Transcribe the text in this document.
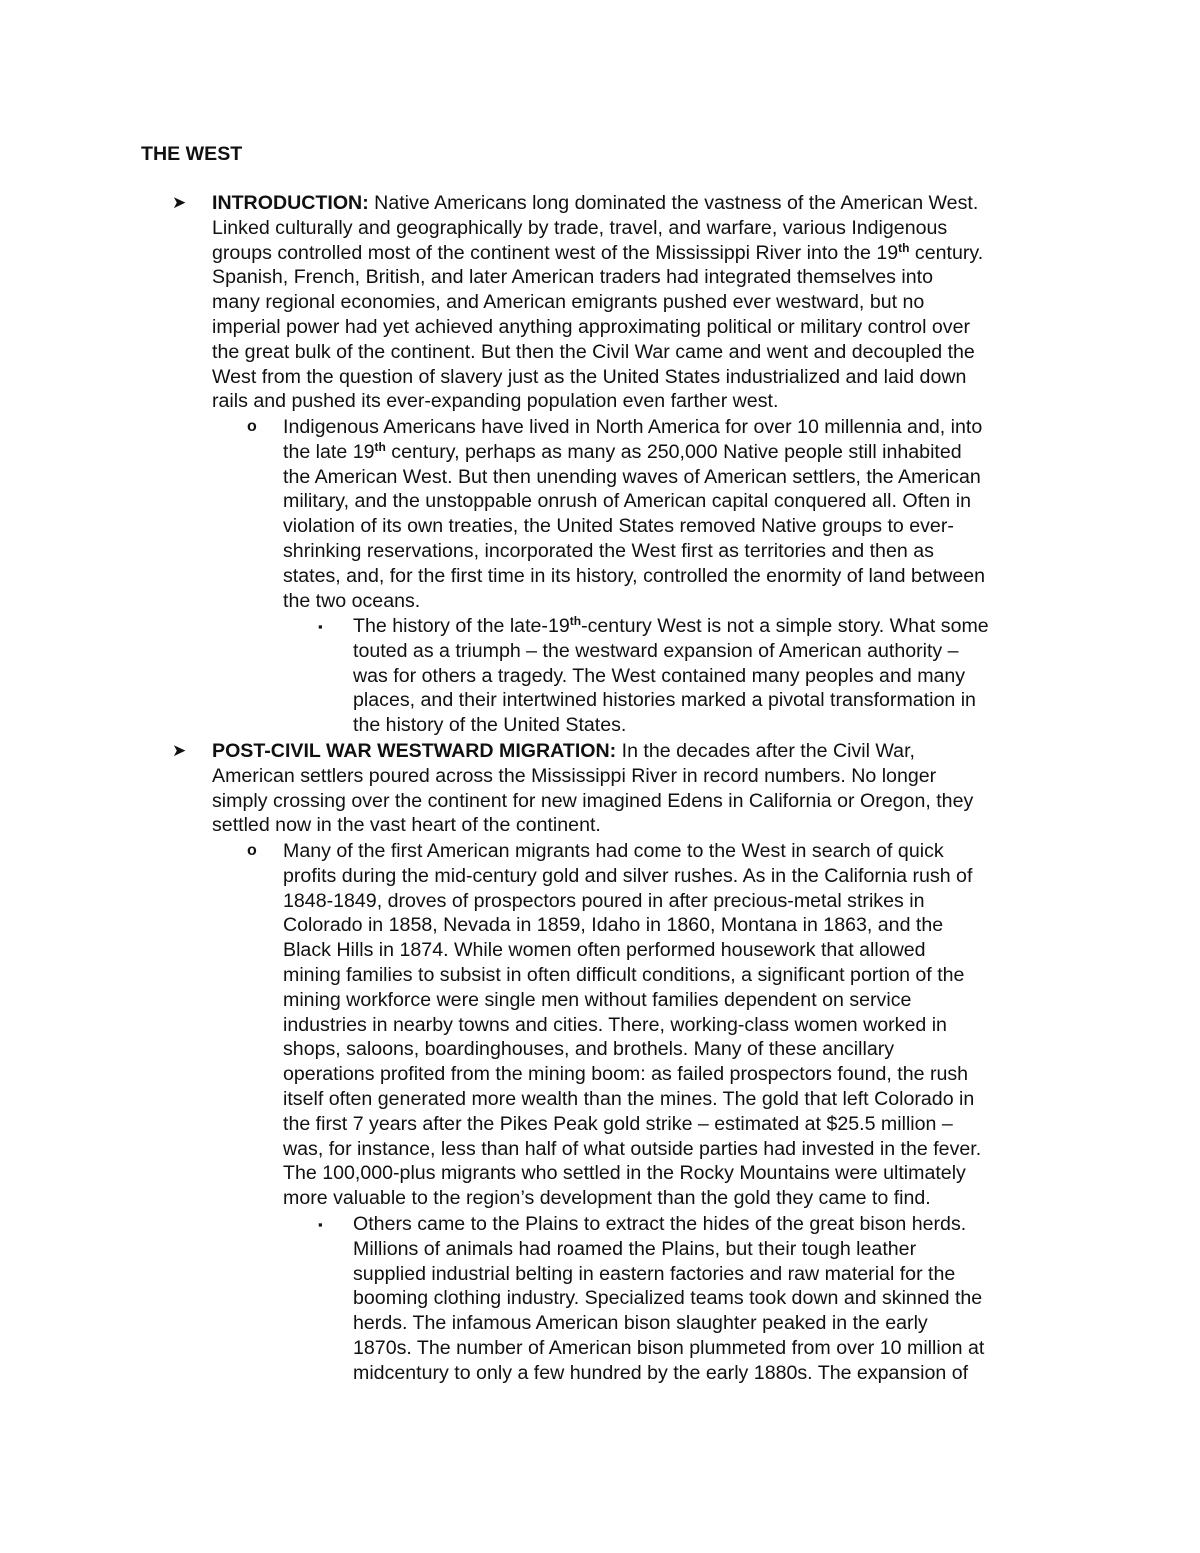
THE WEST
➤ INTRODUCTION: Native Americans long dominated the vastness of the American West.
Linked culturally and geographically by trade, travel, and warfare, various Indigenous
groups controlled most of the continent west of the Mississippi River into the 19th century.
Spanish, French, British, and later American traders had integrated themselves into
many regional economies, and American emigrants pushed ever westward, but no
imperial power had yet achieved anything approximating political or military control over
the great bulk of the continent. But then the Civil War came and went and decoupled the
West from the question of slavery just as the United States industrialized and laid down
rails and pushed its ever-expanding population even farther west.
o Indigenous Americans have lived in North America for over 10 millennia and, into
the late 19th century, perhaps as many as 250,000 Native people still inhabited
the American West. But then unending waves of American settlers, the American
military, and the unstoppable onrush of American capital conquered all. Often in
violation of its own treaties, the United States removed Native groups to ever-
shrinking reservations, incorporated the West first as territories and then as
states, and, for the first time in its history, controlled the enormity of land between
the two oceans.
▪ The history of the late-19th-century West is not a simple story. What some
touted as a triumph – the westward expansion of American authority –
was for others a tragedy. The West contained many peoples and many
places, and their intertwined histories marked a pivotal transformation in
the history of the United States.
➤ POST-CIVIL WAR WESTWARD MIGRATION: In the decades after the Civil War,
American settlers poured across the Mississippi River in record numbers. No longer
simply crossing over the continent for new imagined Edens in California or Oregon, they
settled now in the vast heart of the continent.
o Many of the first American migrants had come to the West in search of quick
profits during the mid-century gold and silver rushes. As in the California rush of
1848-1849, droves of prospectors poured in after precious-metal strikes in
Colorado in 1858, Nevada in 1859, Idaho in 1860, Montana in 1863, and the
Black Hills in 1874. While women often performed housework that allowed
mining families to subsist in often difficult conditions, a significant portion of the
mining workforce were single men without families dependent on service
industries in nearby towns and cities. There, working-class women worked in
shops, saloons, boardinghouses, and brothels. Many of these ancillary
operations profited from the mining boom: as failed prospectors found, the rush
itself often generated more wealth than the mines. The gold that left Colorado in
the first 7 years after the Pikes Peak gold strike – estimated at $25.5 million –
was, for instance, less than half of what outside parties had invested in the fever.
The 100,000-plus migrants who settled in the Rocky Mountains were ultimately
more valuable to the region’s development than the gold they came to find.
▪ Others came to the Plains to extract the hides of the great bison herds.
Millions of animals had roamed the Plains, but their tough leather
supplied industrial belting in eastern factories and raw material for the
booming clothing industry. Specialized teams took down and skinned the
herds. The infamous American bison slaughter peaked in the early
1870s. The number of American bison plummeted from over 10 million at
midcentury to only a few hundred by the early 1880s. The expansion of
